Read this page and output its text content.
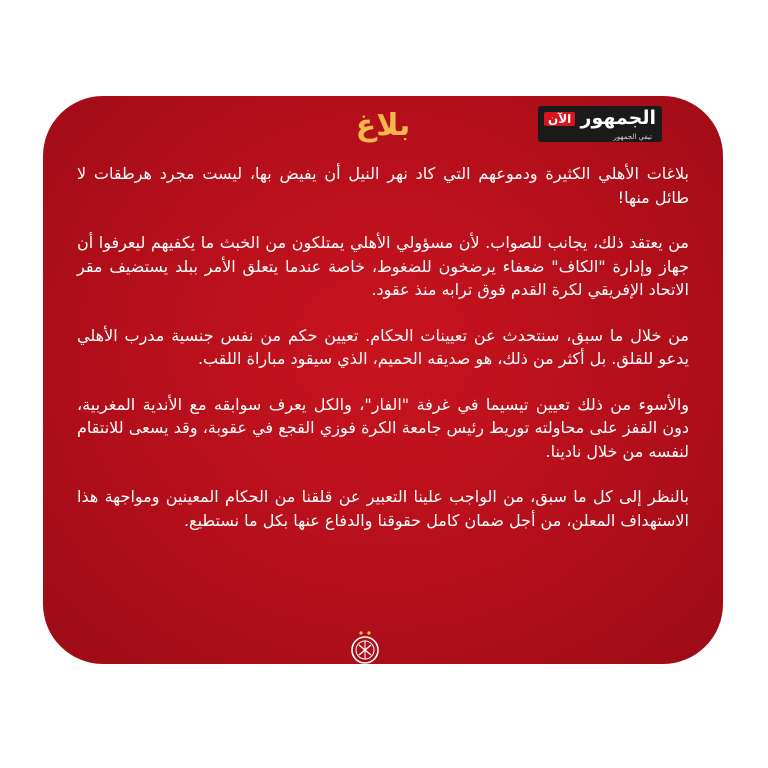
بلاغ

بلاغات الأهلي الكثيرة ودموعهم التي كاد نهر النيل أن يفيض بها، ليست مجرد هرطقات لا طائل منها!

من يعتقد ذلك، يجانب للصواب. لأن مسؤولي الأهلي يمتلكون من الخبث ما يكفيهم ليعرفوا أن جهاز وإدارة "الكاف" ضعفاء يرضخون للضغوط، خاصة عندما يتعلق الأمر ببلد يستضيف مقر الاتحاد الإفريقي لكرة القدم فوق ترابه منذ عقود.

من خلال ما سبق، سنتحدث عن تعيينات الحكام. تعيين حكم من نفس جنسية مدرب الأهلي يدعو للقلق. بل أكثر من ذلك، هو صديقه الحميم، الذي سيقود مباراة اللقب.

والأسوء من ذلك تعيين تيسيما في غرفة "الفار"، والكل يعرف سوابقه مع الأندية المغربية، دون القفز على محاولته توريط رئيس جامعة الكرة فوزي القجع في عقوبة، وقد يسعى للانتقام لنفسه من خلال نادينا.

بالنظر إلى كل ما سبق، من الواجب علينا التعبير عن قلقنا من الحكام المعينين ومواجهة هذا الاستهداف المعلن، من أجل ضمان كامل حقوقنا والدفاع عنها بكل ما نستطيع.

الجمهور
الآن
تيفي الجمهور
